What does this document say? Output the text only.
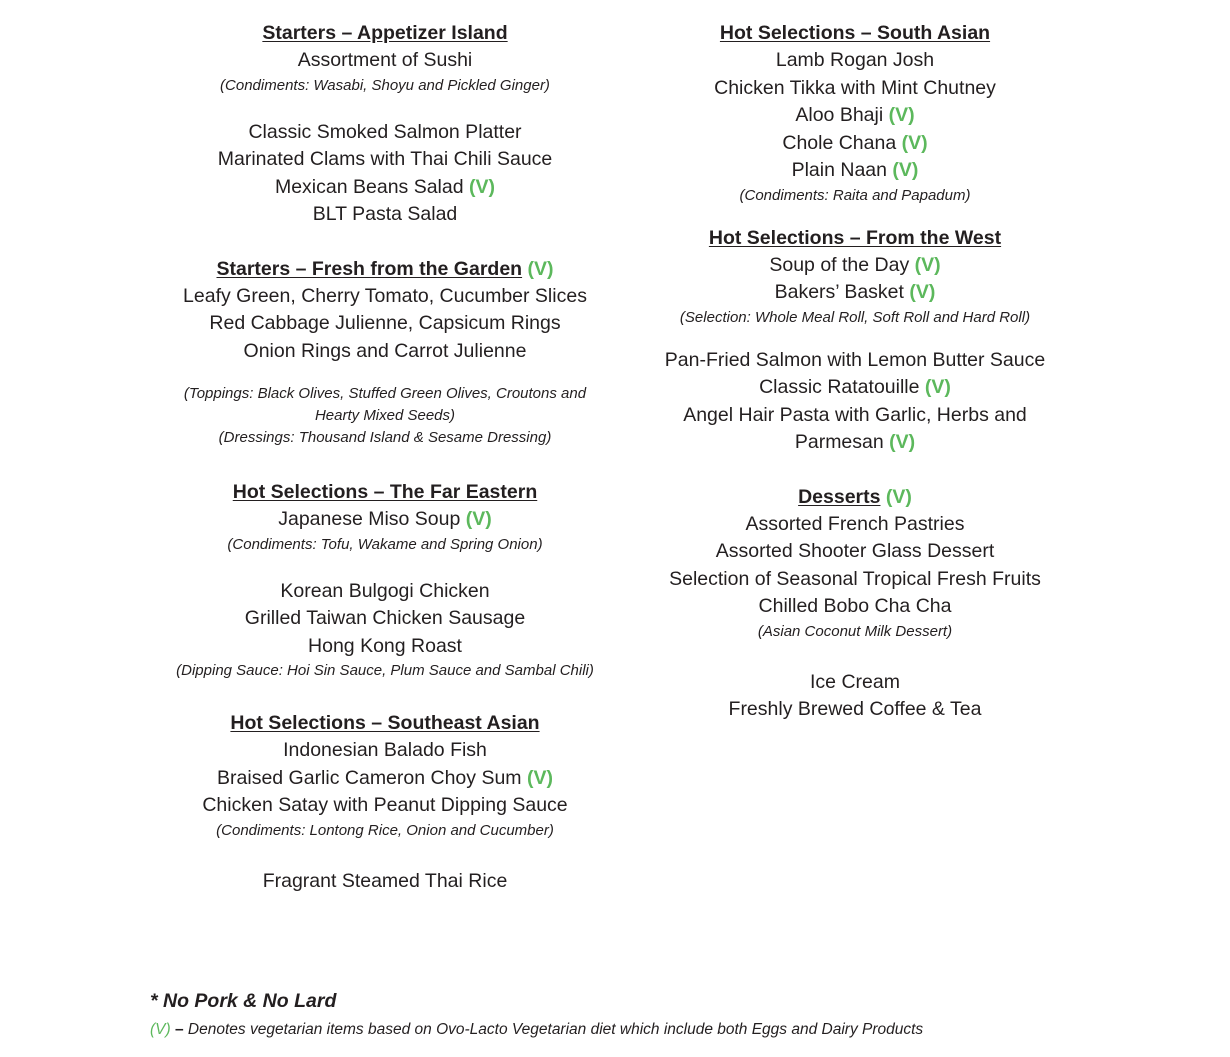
Starters – Appetizer Island
Assortment of Sushi
(Condiments: Wasabi, Shoyu and Pickled Ginger)
Classic Smoked Salmon Platter
Marinated Clams with Thai Chili Sauce
Mexican Beans Salad (V)
BLT Pasta Salad
Starters – Fresh from the Garden (V)
Leafy Green, Cherry Tomato, Cucumber Slices
Red Cabbage Julienne, Capsicum Rings
Onion Rings and Carrot Julienne
(Toppings: Black Olives, Stuffed Green Olives, Croutons and Hearty Mixed Seeds)
(Dressings: Thousand Island & Sesame Dressing)
Hot Selections – The Far Eastern
Japanese Miso Soup (V)
(Condiments: Tofu, Wakame and Spring Onion)
Korean Bulgogi Chicken
Grilled Taiwan Chicken Sausage
Hong Kong Roast
(Dipping Sauce: Hoi Sin Sauce, Plum Sauce and Sambal Chili)
Hot Selections – Southeast Asian
Indonesian Balado Fish
Braised Garlic Cameron Choy Sum (V)
Chicken Satay with Peanut Dipping Sauce
(Condiments: Lontong Rice, Onion and Cucumber)
Fragrant Steamed Thai Rice
Hot Selections – South Asian
Lamb Rogan Josh
Chicken Tikka with Mint Chutney
Aloo Bhaji (V)
Chole Chana (V)
Plain Naan (V)
(Condiments: Raita and Papadum)
Hot Selections – From the West
Soup of the Day (V)
Bakers’ Basket (V)
(Selection: Whole Meal Roll, Soft Roll and Hard Roll)
Pan-Fried Salmon with Lemon Butter Sauce
Classic Ratatouille (V)
Angel Hair Pasta with Garlic, Herbs and
Parmesan (V)
Desserts (V)
Assorted French Pastries
Assorted Shooter Glass Dessert
Selection of Seasonal Tropical Fresh Fruits
Chilled Bobo Cha Cha
(Asian Coconut Milk Dessert)
Ice Cream
Freshly Brewed Coffee & Tea
* No Pork & No Lard
(V) – Denotes vegetarian items based on Ovo-Lacto Vegetarian diet which include both Eggs and Dairy Products
